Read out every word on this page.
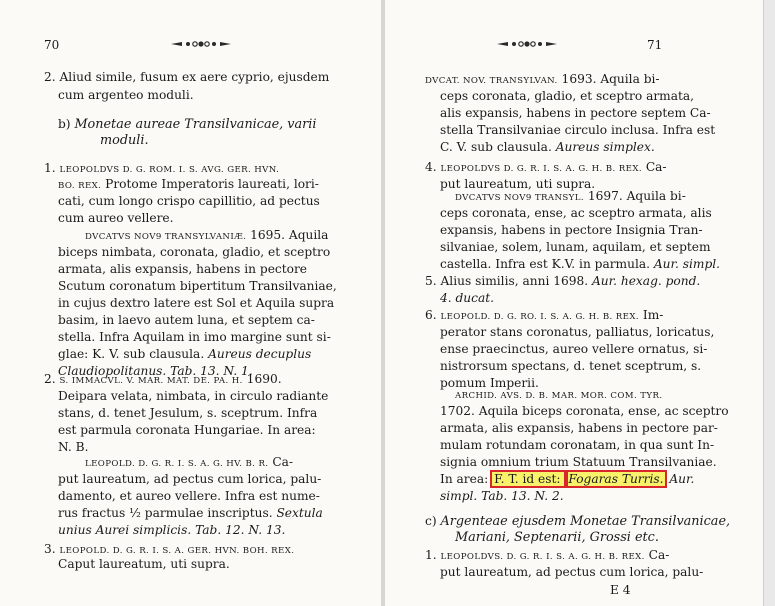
70
2. Aliud simile, fusum ex aere cyprio, ejusdem
cum argenteo moduli.
b) Monetae aureae Transilvanicae, varii
moduli.
1. LEOPOLDVS D. G. ROM. I. S. AVG. GER. HVN.
BO. REX. Protome Imperatoris laureati, lori-
cati, cum longo crispo capillitio, ad pectus
cum aureo vellere.
DVCATVS NOV9 TRANSYLVANIÆ. 1695. Aquila
biceps nimbata, coronata, gladio, et sceptro
armata, alis expansis, habens in pectore
Scutum coronatum bipertitum Transilvaniae,
in cujus dextro latere est Sol et Aquila supra
basim, in laevo autem luna, et septem ca-
stella. Infra Aquilam in imo margine sunt si-
glae: K. V. sub clausula. Aureus decuplus
Claudiopolitanus. Tab. 13. N. 1.
2. S. IMMACVL. V. MAR. MAT. DE. PA. H. 1690.
Deipara velata, nimbata, in circulo radiante
stans, d. tenet Jesulum, s. sceptrum. Infra
est parmula coronata Hungariae. In area:
N. B.
LEOPOLD. D. G. R. I. S. A. G. HV. B. R. Ca-
put laureatum, ad pectus cum lorica, palu-
damento, et aureo vellere. Infra est nume-
rus fractus ½ parmulae inscriptus. Sextula
unius Aurei simplicis. Tab. 12. N. 13.
3. LEOPOLD. D. G. R. I. S. A. GER. HVN. BOH. REX.
Caput laureatum, uti supra.
71
DVCAT. NOV. TRANSYLVAN. 1693. Aquila bi-
ceps coronata, gladio, et sceptro armata,
alis expansis, habens in pectore septem Ca-
stella Transilvaniae circulo inclusa. Infra est
C. V. sub clausula. Aureus simplex.
4. LEOPOLDVS D. G. R. I. S. A. G. H. B. REX. Ca-
put laureatum, uti supra.
DVCATVS NOV9 TRANSYL. 1697. Aquila bi-
ceps coronata, ense, ac sceptro armata, alis
expansis, habens in pectore Insignia Tran-
silvaniae, solem, lunam, aquilam, et septem
castella. Infra est K.V. in parmula. Aur. simpl.
5. Alius similis, anni 1698. Aur. hexag. pond.
4. ducat.
6. LEOPOLD. D. G. RO. I. S. A. G. H. B. REX. Im-
perator stans coronatus, palliatus, loricatus,
ense praecinctus, aureo vellere ornatus, si-
nistrorsum spectans, d. tenet sceptrum, s.
pomum Imperii.
ARCHID. AVS. D. B. MAR. MOR. COM. TYR.
1702. Aquila biceps coronata, ense, ac sceptro
armata, alis expansis, habens in pectore par-
mulam rotundam coronatam, in qua sunt In-
signia omnium trium Statuum Transilvaniae.
In area: F. T. id est: Fogaras Turris. Aur.
simpl. Tab. 13. N. 2.
c) Argenteae ejusdem Monetae Transilvanicae,
Mariani, Septenarii, Grossi etc.
1. LEOPOLDVS. D. G. R. I. S. A. G. H. B. REX. Ca-
put laureatum, ad pectus cum lorica, palu-
E 4
